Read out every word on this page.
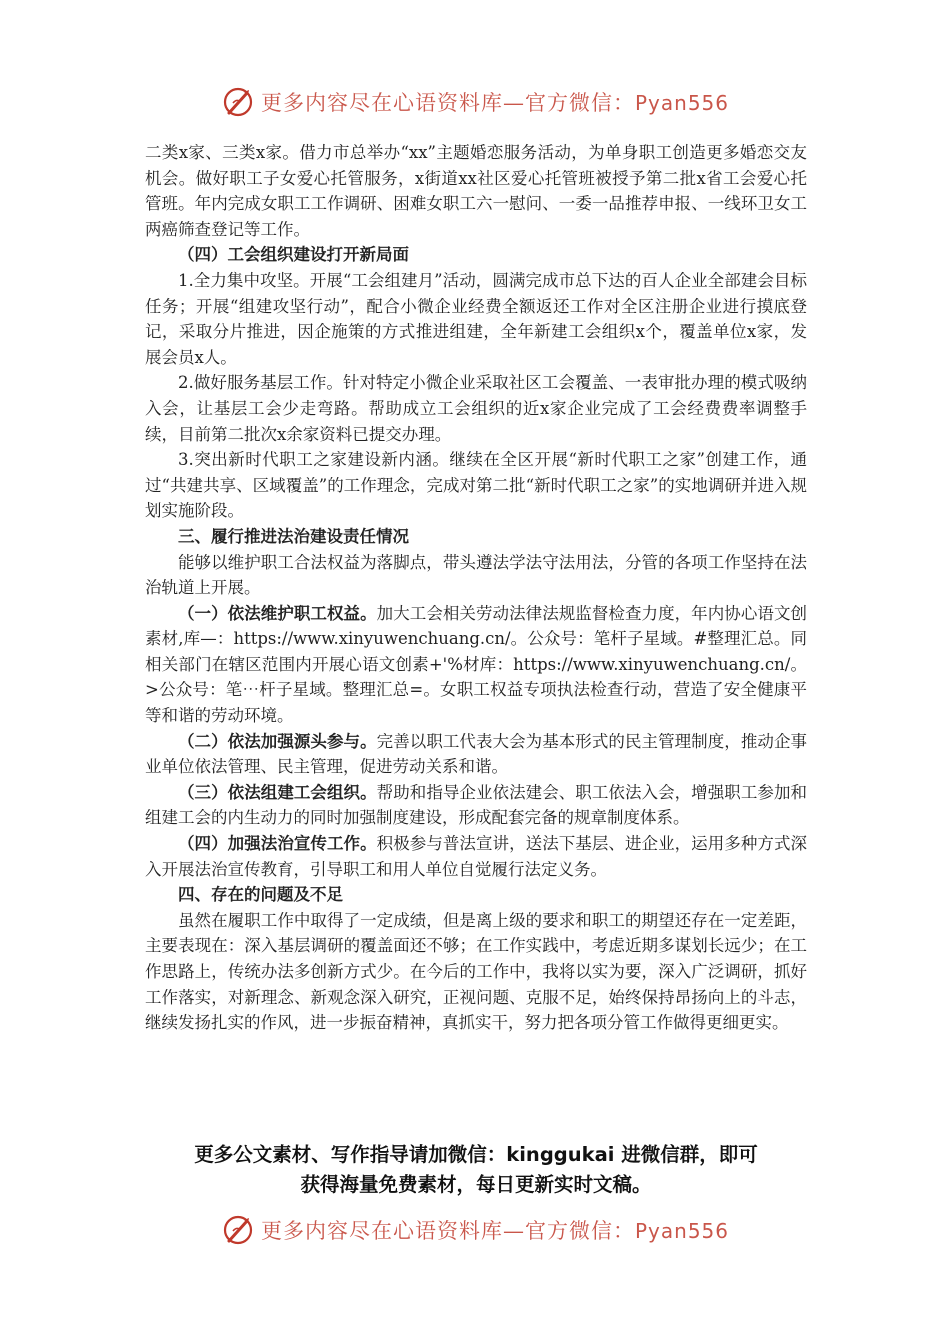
更多内容尽在心语资料库—官方微信：Pyan556

二类x家、三类x家。借力市总举办“xx”主题婚恋服务活动，为单身职工创造更多婚恋交友机会。做好职工子女爱心托管服务，x街道xx社区爱心托管班被授予第二批x省工会爱心托管班。年内完成女职工工作调研、困难女职工六一慰问、一委一品推荐申报、一线环卫女工两癌筛查登记等工作。

（四）工会组织建设打开新局面

1.全力集中攻坚。开展“工会组建月”活动，圆满完成市总下达的百人企业全部建会目标任务；开展“组建攻坚行动”，配合小微企业经费全额返还工作对全区注册企业进行摸底登记，采取分片推进，因企施策的方式推进组建，全年新建工会组织x个，覆盖单位x家，发展会员x人。

2.做好服务基层工作。针对特定小微企业采取社区工会覆盖、一表审批办理的模式吸纳入会，让基层工会少走弯路。帮助成立工会组织的近x家企业完成了工会经费费率调整手续，目前第二批次x余家资料已提交办理。

3.突出新时代职工之家建设新内涵。继续在全区开展“新时代职工之家”创建工作，通过“共建共享、区域覆盖”的工作理念，完成对第二批“新时代职工之家”的实地调研并进入规划实施阶段。

三、履行推进法治建设责任情况

能够以维护职工合法权益为落脚点，带头遵法学法守法用法，分管的各项工作坚持在法治轨道上开展。

（一）依法维护职工权益。加大工会相关劳动法律法规监督检查力度，年内协心语文创素材,库—：https://www.xinyuwenchuang.cn/。公众号：笔杆子星域。#整理汇总。同相关部门在辖区范围内开展心语文创素+'%材库：https://www.xinyuwenchuang.cn/。>公众号：笔⋯杆子星域。整理汇总=。女职工权益专项执法检查行动，营造了安全健康平等和谐的劳动环境。

（二）依法加强源头参与。完善以职工代表大会为基本形式的民主管理制度，推动企事业单位依法管理、民主管理，促进劳动关系和谐。

（三）依法组建工会组织。帮助和指导企业依法建会、职工依法入会，增强职工参加和组建工会的内生动力的同时加强制度建设，形成配套完备的规章制度体系。

（四）加强法治宣传工作。积极参与普法宣讲，送法下基层、进企业，运用多种方式深入开展法治宣传教育，引导职工和用人单位自觉履行法定义务。

四、存在的问题及不足

虽然在履职工作中取得了一定成绩，但是离上级的要求和职工的期望还存在一定差距，主要表现在：深入基层调研的覆盖面还不够；在工作实践中，考虑近期多谋划长远少；在工作思路上，传统办法多创新方式少。在今后的工作中，我将以实为要，深入广泛调研，抓好工作落实，对新理念、新观念深入研究，正视问题、克服不足，始终保持昂扬向上的斗志，继续发扬扎实的作风，进一步振奋精神，真抓实干，努力把各项分管工作做得更细更实。

更多公文素材、写作指导请加微信：kinggukai 进微信群，即可
获得海量免费素材，每日更新实时文稿。
更多内容尽在心语资料库—官方微信：Pyan556
